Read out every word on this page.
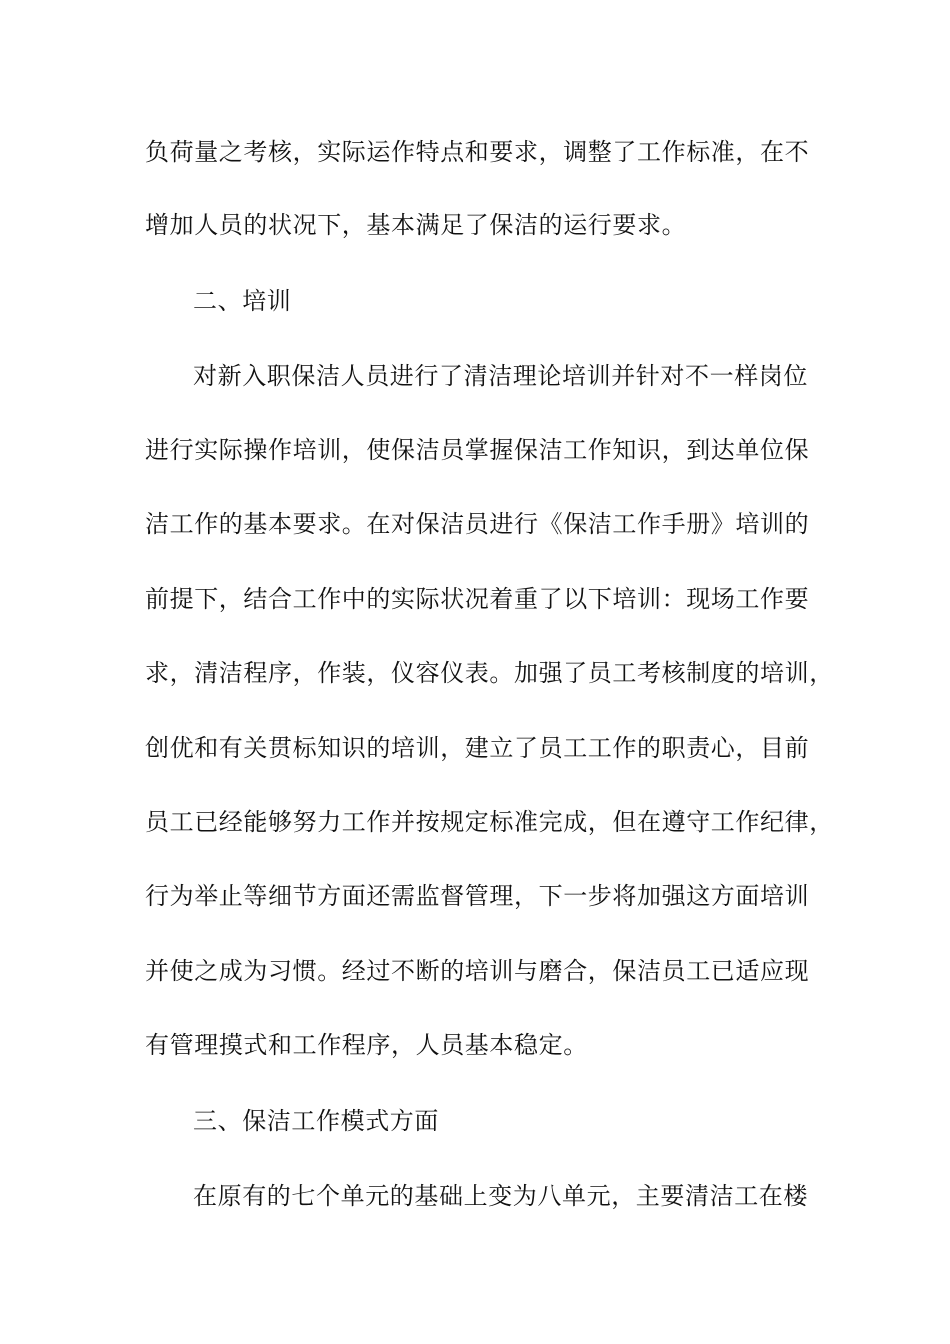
负荷量之考核，实际运作特点和要求，调整了工作标准，在不
增加人员的状况下，基本满足了保洁的运行要求。
二、培训
对新入职保洁人员进行了清洁理论培训并针对不一样岗位
进行实际操作培训，使保洁员掌握保洁工作知识，到达单位保
洁工作的基本要求。在对保洁员进行《保洁工作手册》培训的
前提下，结合工作中的实际状况着重了以下培训：现场工作要
求，清洁程序，作装，仪容仪表。加强了员工考核制度的培训，
创优和有关贯标知识的培训，建立了员工工作的职责心，目前
员工已经能够努力工作并按规定标准完成，但在遵守工作纪律，
行为举止等细节方面还需监督管理，下一步将加强这方面培训
并使之成为习惯。经过不断的培训与磨合，保洁员工已适应现
有管理摸式和工作程序，人员基本稳定。
三、保洁工作模式方面
在原有的七个单元的基础上变为八单元，主要清洁工在楼
